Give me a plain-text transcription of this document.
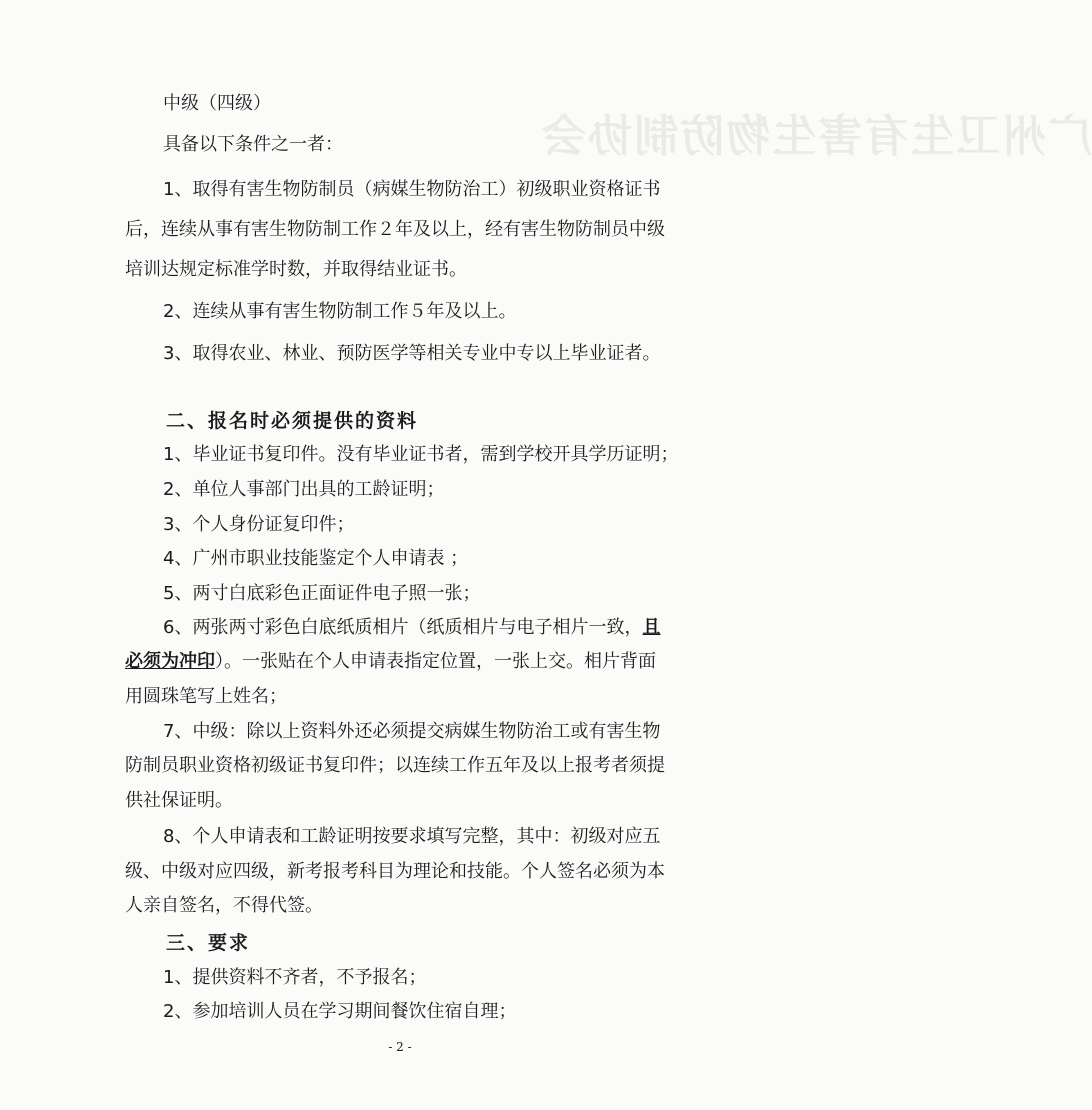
广州卫生有害生物防制协会
中级（四级）
具备以下条件之一者：
1、取得有害生物防制员（病媒生物防治工）初级职业资格证书
后，连续从事有害生物防制工作２年及以上，经有害生物防制员中级
培训达规定标准学时数，并取得结业证书。
2、连续从事有害生物防制工作５年及以上。
3、取得农业、林业、预防医学等相关专业中专以上毕业证者。
二、报名时必须提供的资料
1、毕业证书复印件。没有毕业证书者，需到学校开具学历证明；
2、单位人事部门出具的工龄证明；
3、个人身份证复印件；
4、广州市职业技能鉴定个人申请表 ；
5、两寸白底彩色正面证件电子照一张；
6、两张两寸彩色白底纸质相片（纸质相片与电子相片一致，且
必须为冲印）。一张贴在个人申请表指定位置，一张上交。相片背面
用圆珠笔写上姓名；
7、中级：除以上资料外还必须提交病媒生物防治工或有害生物
防制员职业资格初级证书复印件；以连续工作五年及以上报考者须提
供社保证明。
8、个人申请表和工龄证明按要求填写完整，其中：初级对应五
级、中级对应四级，新考报考科目为理论和技能。个人签名必须为本
人亲自签名，不得代签。
三、要求
1、提供资料不齐者，不予报名；
2、参加培训人员在学习期间餐饮住宿自理；
- 2 -
